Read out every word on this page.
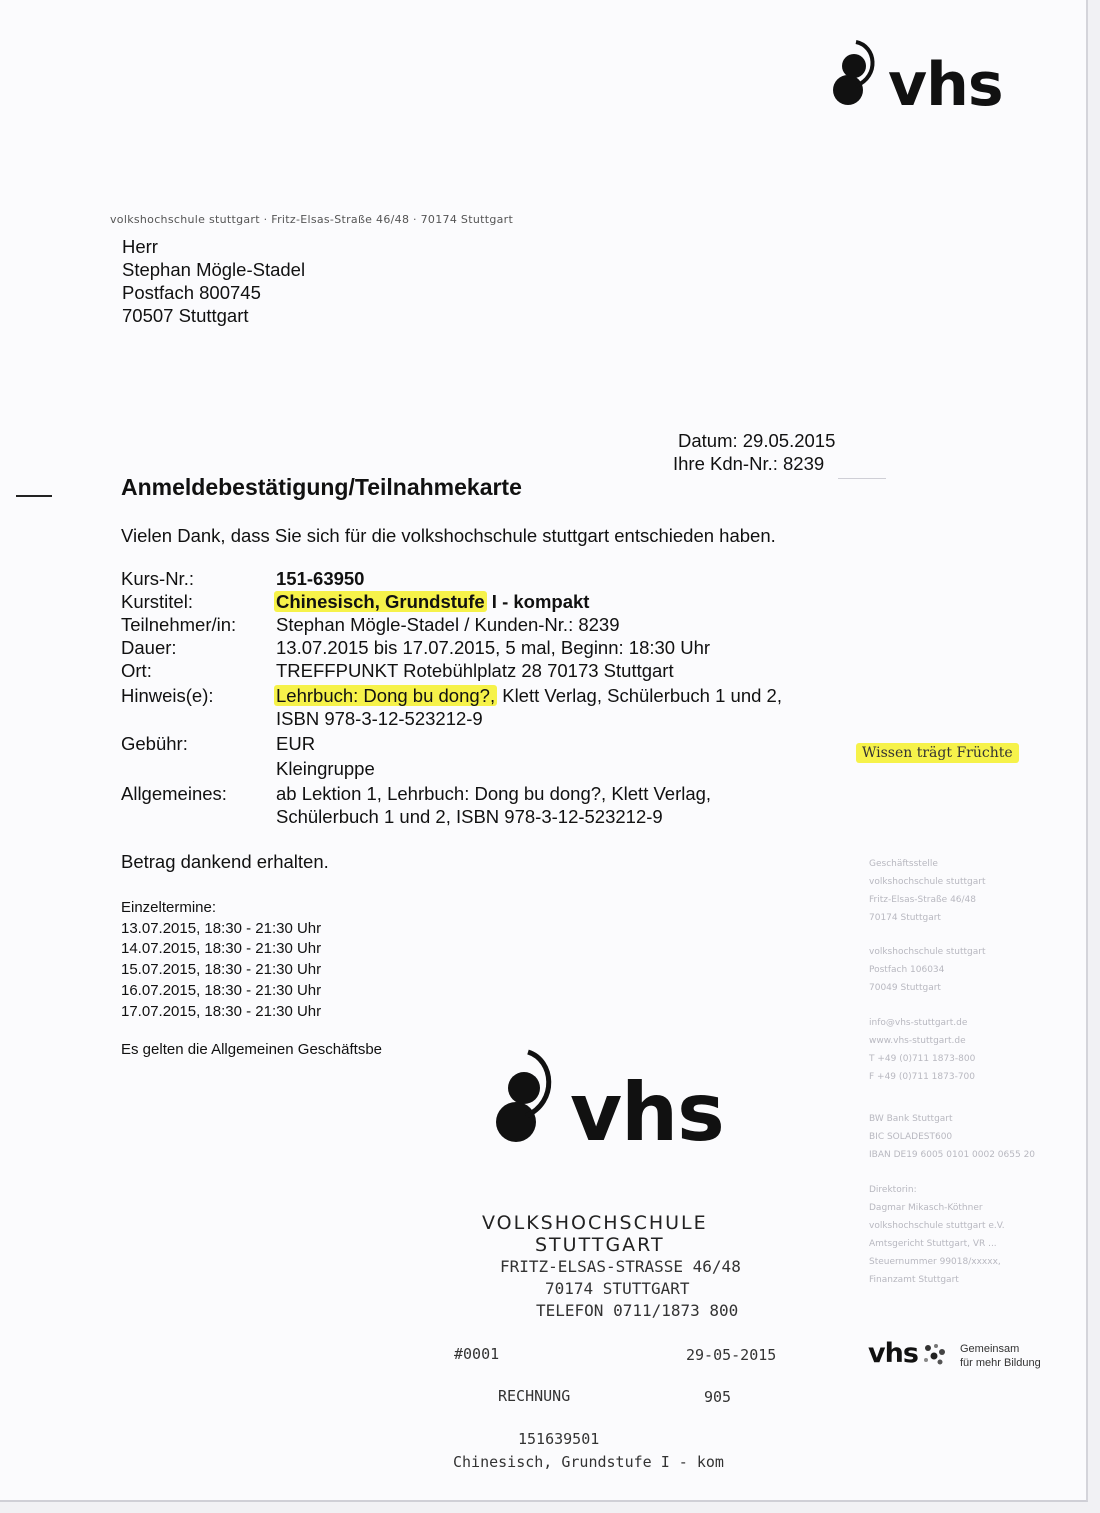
vhs
volkshochschule stuttgart · Fritz-Elsas-Straße 46/48 · 70174 Stuttgart
Herr
Stephan Mögle-Stadel
Postfach 800745
70507 Stuttgart
Datum: 29.05.2015
Ihre Kdn-Nr.: 8239
Anmeldebestätigung/Teilnahmekarte
Vielen Dank, dass Sie sich für die volkshochschule stuttgart entschieden haben.
Kurs-Nr.:	151-63950
Kurstitel:	Chinesisch, Grundstufe I - kompakt
Teilnehmer/in: Stephan Mögle-Stadel / Kunden-Nr.: 8239
Dauer:	13.07.2015 bis 17.07.2015, 5 mal, Beginn: 18:30 Uhr
Ort:	TREFFPUNKT Rotebühlplatz 28 70173 Stuttgart
Hinweis(e):	Lehrbuch: Dong bu dong?, Klett Verlag, Schülerbuch 1 und 2,
ISBN 978-3-12-523212-9
Gebühr:	EUR
Kleingruppe
Allgemeines:	ab Lektion 1, Lehrbuch: Dong bu dong?, Klett Verlag,
Schülerbuch 1 und 2, ISBN 978-3-12-523212-9
Wissen trägt Früchte
Betrag dankend erhalten.
Einzeltermine:
13.07.2015, 18:30 - 21:30 Uhr
14.07.2015, 18:30 - 21:30 Uhr
15.07.2015, 18:30 - 21:30 Uhr
16.07.2015, 18:30 - 21:30 Uhr
17.07.2015, 18:30 - 21:30 Uhr
Es gelten die Allgemeinen Geschäftsbe
Geschäftsstelle
volkshochschule stuttgart
Fritz-Elsas-Straße 46/48
70174 Stuttgart
volkshochschule stuttgart
Postfach 106034
70049 Stuttgart
info@vhs-stuttgart.de
www.vhs-stuttgart.de
T +49 (0)711 1873-800
F +49 (0)711 1873-700
BW Bank Stuttgart
BIC SOLADEST600
IBAN DE19 6005 0101 0002 0655 20
Direktorin:
Dagmar Mikasch-Köthner
volkshochschule stuttgart e.V.
Amtsgericht Stuttgart, VR ...
Steuernummer 99018/xxxxx,
Finanzamt Stuttgart
vhs
VOLKSHOCHSCHULE
STUTTGART
FRITZ-ELSAS-STRASSE 46/48
70174 STUTTGART
TELEFON 0711/1873 800
#0001	29-05-2015
RECHNUNG	905
151639501
Chinesisch, Grundstufe I - kom
vhs	Gemeinsam
für mehr Bildung
